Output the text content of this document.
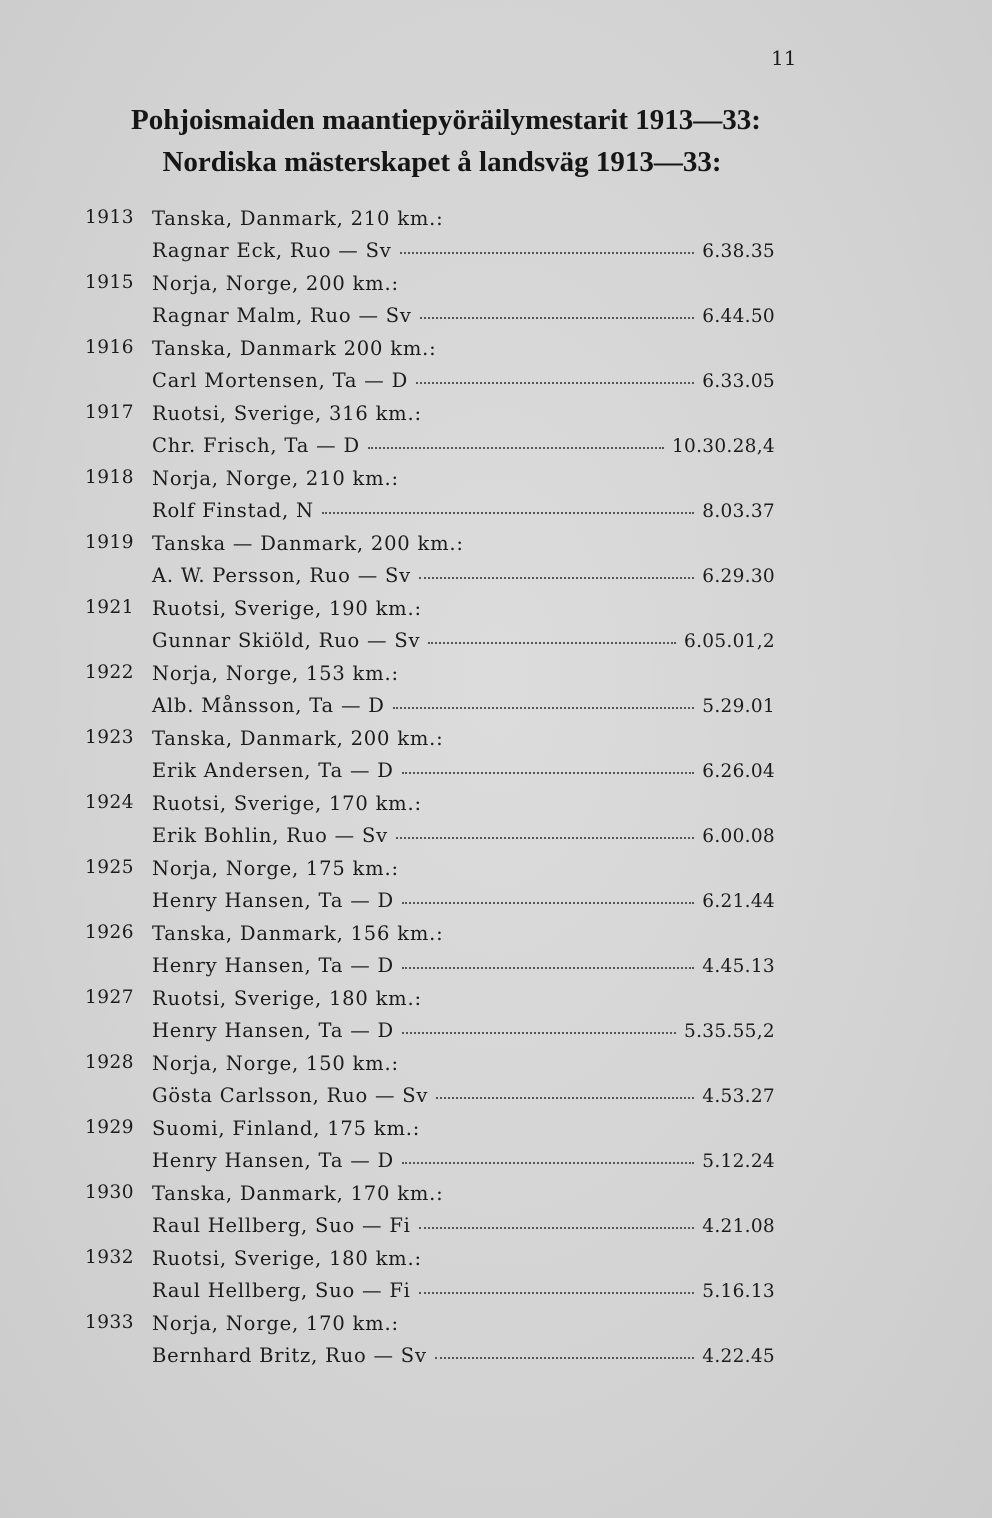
11
Pohjoismaiden maantiepyöräilymestarit 1913—33:
Nordiska mästerskapet å landsväg 1913—33:
1913 Tanska, Danmark, 210 km.:
Ragnar Eck, Ruo — Sv	6.38.35
1915 Norja, Norge, 200 km.:
Ragnar Malm, Ruo — Sv	6.44.50
1916 Tanska, Danmark 200 km.:
Carl Mortensen, Ta — D	6.33.05
1917 Ruotsi, Sverige, 316 km.:
Chr. Frisch, Ta — D	10.30.28,4
1918 Norja, Norge, 210 km.:
Rolf Finstad, N	8.03.37
1919 Tanska — Danmark, 200 km.:
A. W. Persson, Ruo — Sv	6.29.30
1921 Ruotsi, Sverige, 190 km.:
Gunnar Skiöld, Ruo — Sv	6.05.01,2
1922 Norja, Norge, 153 km.:
Alb. Månsson, Ta — D	5.29.01
1923 Tanska, Danmark, 200 km.:
Erik Andersen, Ta — D	6.26.04
1924 Ruotsi, Sverige, 170 km.:
Erik Bohlin, Ruo — Sv	6.00.08
1925 Norja, Norge, 175 km.:
Henry Hansen, Ta — D	6.21.44
1926 Tanska, Danmark, 156 km.:
Henry Hansen, Ta — D	4.45.13
1927 Ruotsi, Sverige, 180 km.:
Henry Hansen, Ta — D	5.35.55,2
1928 Norja, Norge, 150 km.:
Gösta Carlsson, Ruo — Sv	4.53.27
1929 Suomi, Finland, 175 km.:
Henry Hansen, Ta — D	5.12.24
1930 Tanska, Danmark, 170 km.:
Raul Hellberg, Suo — Fi	4.21.08
1932 Ruotsi, Sverige, 180 km.:
Raul Hellberg, Suo — Fi	5.16.13
1933 Norja, Norge, 170 km.:
Bernhard Britz, Ruo — Sv	4.22.45
